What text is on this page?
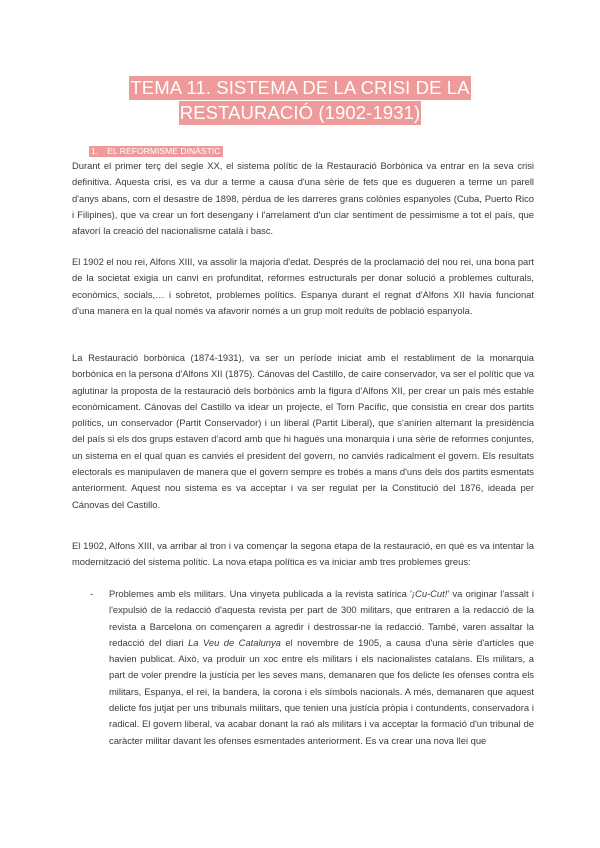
TEMA 11. SISTEMA DE LA CRISI DE LA
RESTAURACIÓ (1902-1931)
1. EL REFORMISME DINÀSTIC

Durant el primer terç del segle XX, el sistema polític de la Restauració Borbònica va entrar en la seva crisi definitiva. Aquesta crisi, es va dur a terme a causa d'una sèrie de fets que es dugueren a terme un parell d'anys abans, com el desastre de 1898, pèrdua de les darreres grans colònies espanyoles (Cuba, Puerto Rico i Filipines), que va crear un fort desengany i l'arrelament d'un clar sentiment de pessimisme a tot el país, que afavorí la creació del nacionalisme català i basc.

El 1902 el nou rei, Alfons XIII, va assolir la majoria d'edat. Després de la proclamació del nou rei, una bona part de la societat exigia un canvi en profunditat, reformes estructurals per donar solució a problemes culturals, econòmics, socials,… i sobretot, problemes polítics. Espanya durant el regnat d'Alfons XII havia funcionat d'una manera en la qual només va afavorir només a un grup molt reduïts de població espanyola.

La Restauració borbònica (1874-1931), va ser un període iniciat amb el restabliment de la monarquia borbònica en la persona d'Alfons XII (1875). Cánovas del Castillo, de caire conservador, va ser el polític que va aglutinar la proposta de la restauració dels borbònics amb la figura d'Alfons XII, per crear un país més estable econòmicament. Cánovas del Castillo va idear un projecte, el Torn Pacífic, que consistia en crear dos partits polítics, un conservador (Partit Conservador) i un liberal (Partit Liberal), que s'anirien alternant la presidència del país si els dos grups estaven d'acord amb que hi hagués una monarquia i una sèrie de reformes conjuntes, un sistema en el qual quan es canviés el president del govern, no canviés radicalment el govern. Els resultats electorals es manipulaven de manera que el govern sempre es trobés a mans d'uns dels dos partits esmentats anteriorment. Aquest nou sistema es va acceptar i va ser regulat per la Constitució del 1876, ideada per Cánovas del Castillo.

El 1902, Alfons XIII, va arribar al tron i va començar la segona etapa de la restauració, en què es va intentar la modernització del sistema polític. La nova etapa política es va iniciar amb tres problemes greus:

- Problemes amb els militars. Una vinyeta publicada a la revista satírica '¡Cu-Cut!' va originar l'assalt i l'expulsió de la redacció d'aquesta revista per part de 300 militars, que entraren a la redacció de la revista a Barcelona on començaren a agredir i destrossar-ne la redacció. També, varen assaltar la redacció del diari La Veu de Catalunya el novembre de 1905, a causa d'una sèrie d'articles que havien publicat. Això, va produir un xoc entre els militars i els nacionalistes catalans. Els militars, a part de voler prendre la justícia per les seves mans, demanaren que fos delicte les ofenses contra els militars, Espanya, el rei, la bandera, la corona i els símbols nacionals. A més, demanaren que aquest delicte fos jutjat per uns tribunals militars, que tenien una justícia pròpia i contundents, conservadora i radical. El govern liberal, va acabar donant la raó als militars i va acceptar la formació d'un tribunal de caràcter militar davant les ofenses esmentades anteriorment. Es va crear una nova llei que
